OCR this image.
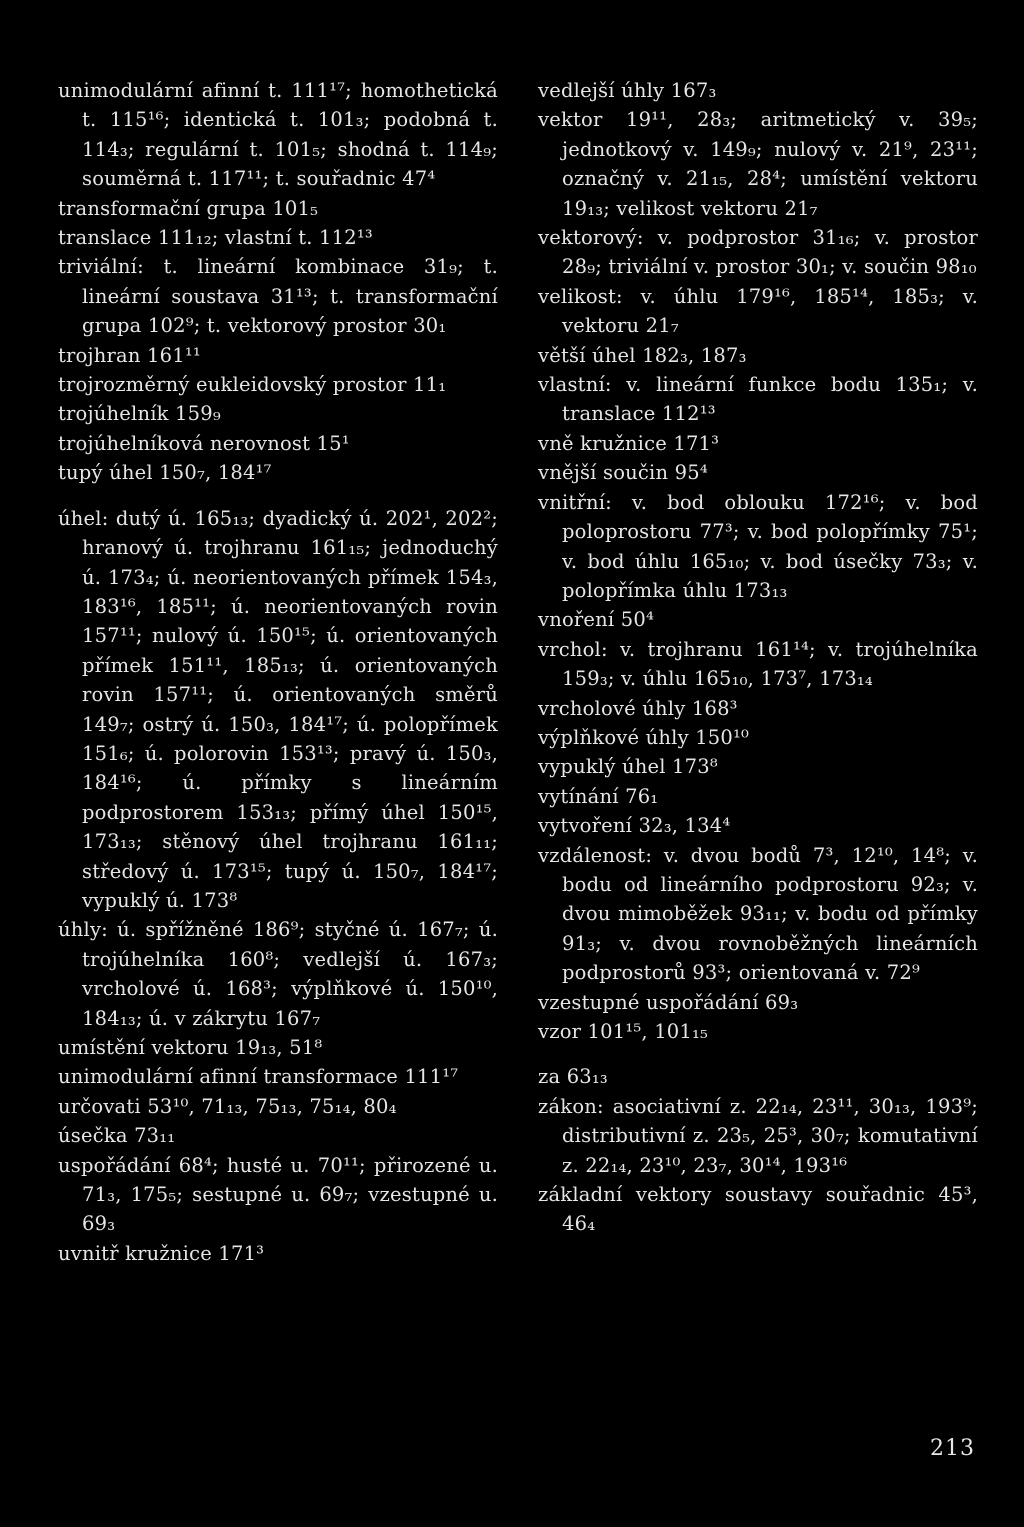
unimodulární afinní t. 111¹⁷; homothetická t. 115¹⁶; identická t. 101₃; podobná t. 114₃; regulární t. 101₅; shodná t. 114₉; souměrná t. 117¹¹; t. souřadnic 47⁴
transformační grupa 101₅
translace 111₁₂; vlastní t. 112¹³
triviální: t. lineární kombinace 31₉; t. lineární soustava 31¹³; t. transformační grupa 102⁹; t. vektorový prostor 30₁
trojhran 161¹¹
trojrozměrný eukleidovský prostor 11₁
trojúhelník 159₉
trojúhelníková nerovnost 15¹
tupý úhel 150₇, 184¹⁷
úhel: dutý ú. 165₁₃; dyadický ú. 202¹, 202²; hranový ú. trojhranu 161₁₅; jednoduchý ú. 173₄; ú. neorientovaných přímek 154₃, 183¹⁶, 185¹¹; ú. neorientovaných rovin 157¹¹; nulový ú. 150¹⁵; ú. orientovaných přímek 151¹¹, 185₁₃; ú. orientovaných rovin 157¹¹; ú. orientovaných směrů 149₇; ostrý ú. 150₃, 184¹⁷; ú. polopřímek 151₆; ú. polorovin 153¹³; pravý ú. 150₃, 184¹⁶; ú. přímky s lineárním podprostorem 153₁₃; přímý úhel 150¹⁵, 173₁₃; stěnový úhel trojhranu 161₁₁; středový ú. 173¹⁵; tupý ú. 150₇, 184¹⁷; vypuklý ú. 173⁸
úhly: ú. spřížněné 186⁹; styčné ú. 167₇; ú. trojúhelníka 160⁸; vedlejší ú. 167₃; vrcholové ú. 168³; výplňkové ú. 150¹⁰, 184₁₃; ú. v zákrytu 167₇
umístění vektoru 19₁₃, 51⁸
unimodulární afinní transformace 111¹⁷
určovati 53¹⁰, 71₁₃, 75₁₃, 75₁₄, 80₄
úsečka 73₁₁
uspořádání 68⁴; husté u. 70¹¹; přirozené u. 71₃, 175₅; sestupné u. 69₇; vzestupné u. 69₃
uvnitř kružnice 171³
vedlejší úhly 167₃
vektor 19¹¹, 28₃; aritmetický v. 39₅; jednotkový v. 149₉; nulový v. 21⁹, 23¹¹; označný v. 21₁₅, 28⁴; umístění vektoru 19₁₃; velikost vektoru 21₇
vektorový: v. podprostor 31₁₆; v. prostor 28₉; triviální v. prostor 30₁; v. součin 98₁₀
velikost: v. úhlu 179¹⁶, 185¹⁴, 185₃; v. vektoru 21₇
větší úhel 182₃, 187₃
vlastní: v. lineární funkce bodu 135₁; v. translace 112¹³
vně kružnice 171³
vnější součin 95⁴
vnitřní: v. bod oblouku 172¹⁶; v. bod poloprostoru 77³; v. bod polopřímky 75¹; v. bod úhlu 165₁₀; v. bod úsečky 73₃; v. polopřímka úhlu 173₁₃
vnoření 50⁴
vrchol: v. trojhranu 161¹⁴; v. trojúhelníka 159₃; v. úhlu 165₁₀, 173⁷, 173₁₄
vrcholové úhly 168³
výplňkové úhly 150¹⁰
vypuklý úhel 173⁸
vytínání 76₁
vytvoření 32₃, 134⁴
vzdálenost: v. dvou bodů 7³, 12¹⁰, 14⁸; v. bodu od lineárního podprostoru 92₃; v. dvou mimoběžek 93₁₁; v. bodu od přímky 91₃; v. dvou rovnoběžných lineárních podprostorů 93³; orientovaná v. 72⁹
vzestupné uspořádání 69₃
vzor 101¹⁵, 101₁₅
za 63₁₃
zákon: asociativní z. 22₁₄, 23¹¹, 30₁₃, 193⁹; distributivní z. 23₅, 25³, 30₇; komutativní z. 22₁₄, 23¹⁰, 23₇, 30¹⁴, 193¹⁶
základní vektory soustavy souřadnic 45³, 46₄
213
